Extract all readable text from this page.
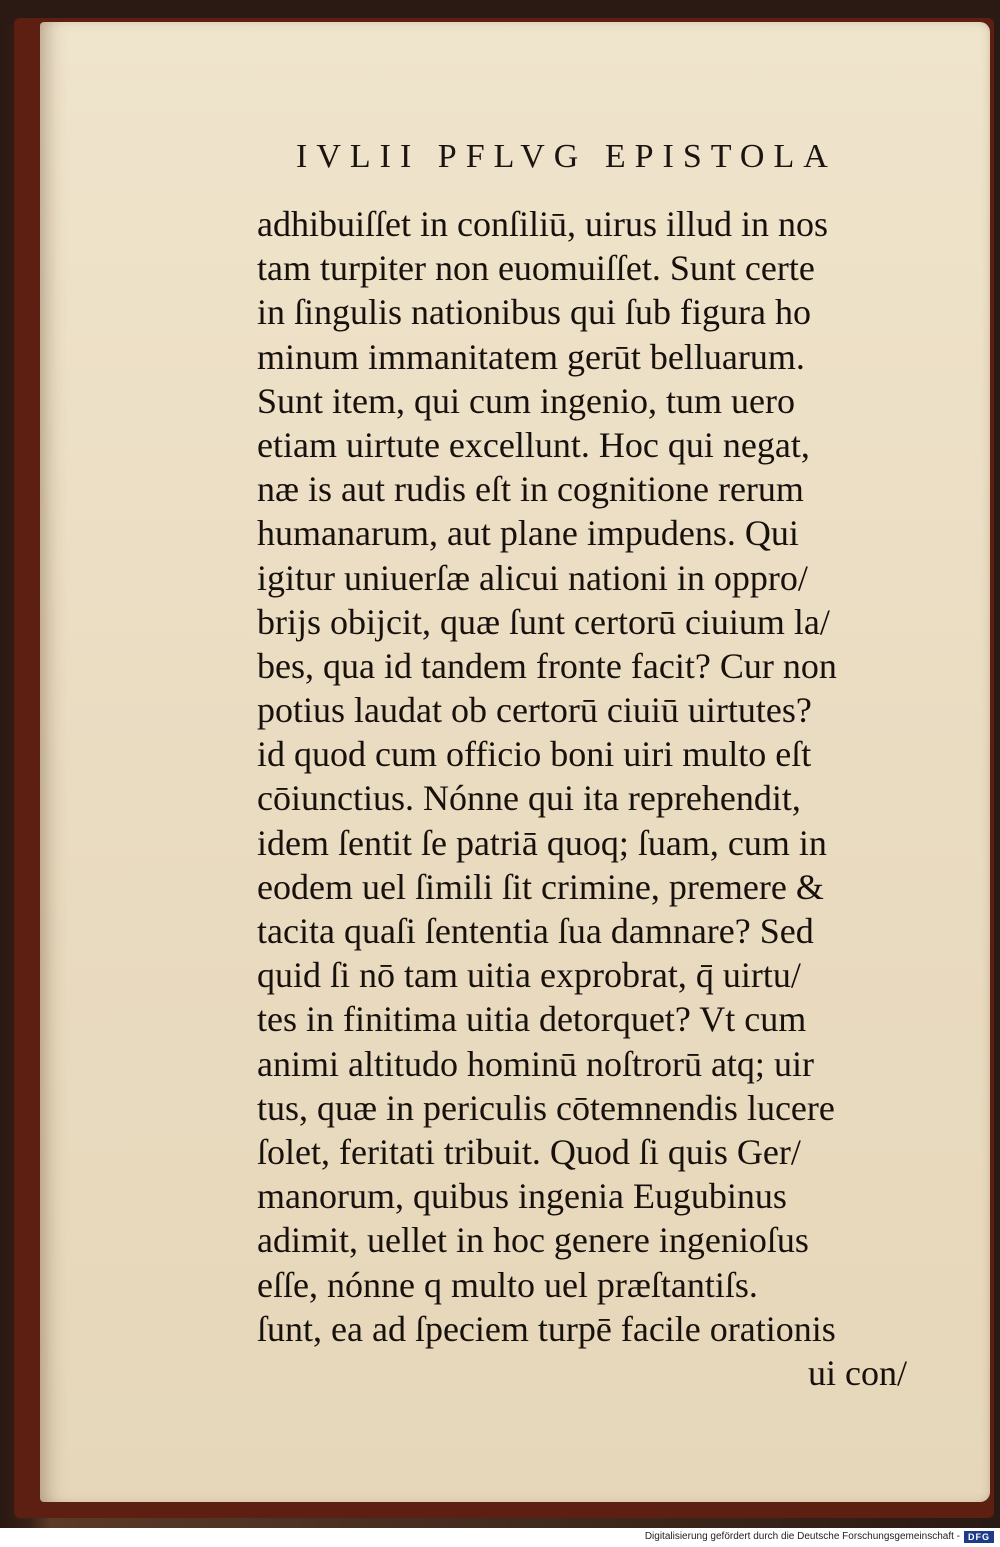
IVLII PFLVG EPISTOLA
adhibuiſſet in conſiliū, uirus illud in nos
tam turpiter non euomuiſſet. Sunt certe
in ſingulis nationibus qui ſub figura ho
minum immanitatem gerūt belluarum.
Sunt item, qui cum ingenio, tum uero
etiam uirtute excellunt. Hoc qui negat,
næ is aut rudis eſt in cognitione rerum
humanarum, aut plane impudens. Qui
igitur uniuerſæ alicui nationi in oppro/
brijs obijcit, quæ ſunt certorū ciuium la/
bes, qua id tandem fronte facit? Cur non
potius laudat ob certorū ciuiū uirtutes?
id quod cum officio boni uiri multo eſt
cōiunctius. Nónne qui ita reprehendit,
idem ſentit ſe patriā quoq; ſuam, cum in
eodem uel ſimili ſit crimine, premere &
tacita quaſi ſententia ſua damnare? Sed
quid ſi nō tam uitia exprobrat, q̄ uirtu/
tes in finitima uitia detorquet? Vt cum
animi altitudo hominū noſtrorū atq; uir
tus, quæ in periculis cōtemnendis lucere
ſolet, feritati tribuit. Quod ſi quis Ger/
manorum, quibus ingenia Eugubinus
adimit, uellet in hoc genere ingenioſus
eſſe, nónne q multo uel præſtantiſs.
ſunt, ea ad ſpeciem turpē facile orationis
ui con/
Digitalisierung gefördert durch die Deutsche Forschungsgemeinschaft - DFG
